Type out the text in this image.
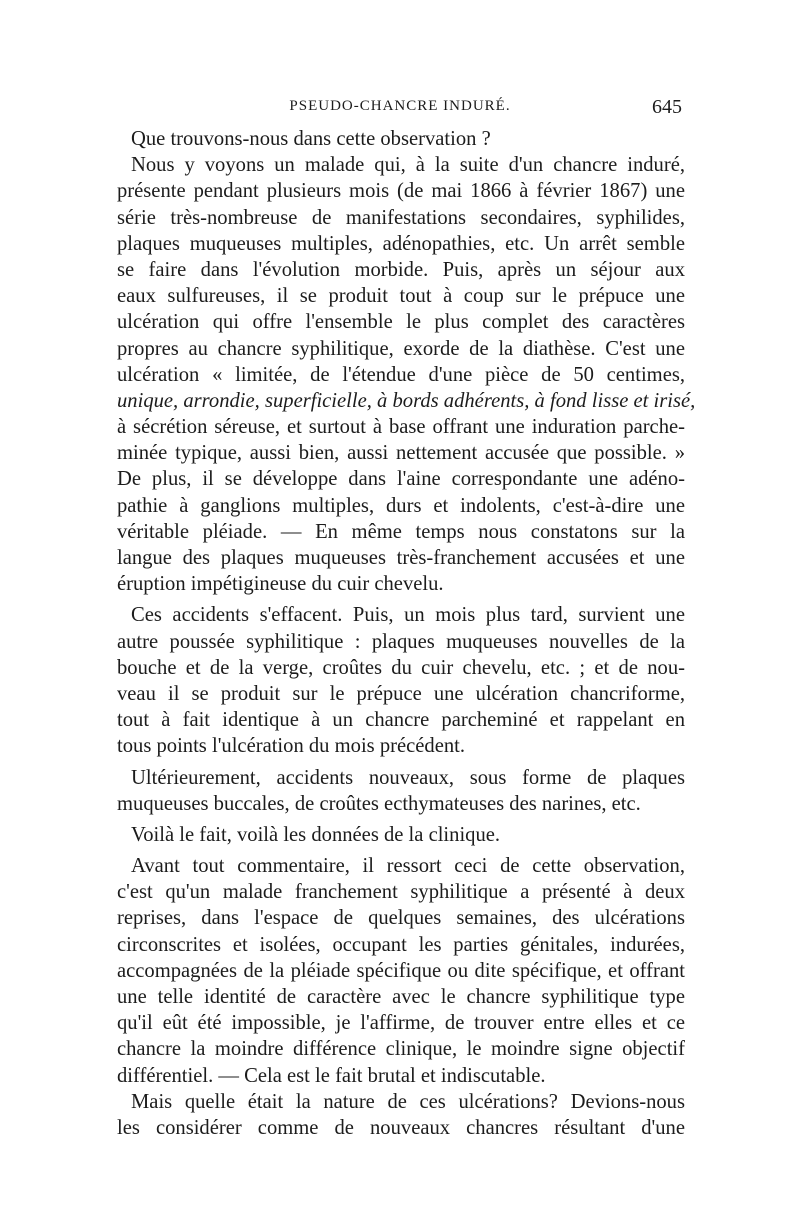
PSEUDO-CHANCRE INDURÉ.	645
Que trouvons-nous dans cette observation ?
Nous y voyons un malade qui, à la suite d'un chancre induré,
présente pendant plusieurs mois (de mai 1866 à février 1867) une
série très-nombreuse de manifestations secondaires, syphilides,
plaques muqueuses multiples, adénopathies, etc. Un arrêt semble
se faire dans l'évolution morbide. Puis, après un séjour aux
eaux sulfureuses, il se produit tout à coup sur le prépuce une
ulcération qui offre l'ensemble le plus complet des caractères
propres au chancre syphilitique, exorde de la diathèse. C'est une
ulcération « limitée, de l'étendue d'une pièce de 50 centimes,
unique, arrondie, superficielle, à bords adhérents, à fond lisse et irisé,
à sécrétion séreuse, et surtout à base offrant une induration parche-
minée typique, aussi bien, aussi nettement accusée que possible. »
De plus, il se développe dans l'aine correspondante une adéno-
pathie à ganglions multiples, durs et indolents, c'est-à-dire une
véritable pléiade. — En même temps nous constatons sur la
langue des plaques muqueuses très-franchement accusées et une
éruption impétigineuse du cuir chevelu.
Ces accidents s'effacent. Puis, un mois plus tard, survient une
autre poussée syphilitique : plaques muqueuses nouvelles de la
bouche et de la verge, croûtes du cuir chevelu, etc. ; et de nou-
veau il se produit sur le prépuce une ulcération chancriforme,
tout à fait identique à un chancre parcheminé et rappelant en
tous points l'ulcération du mois précédent.
Ultérieurement, accidents nouveaux, sous forme de plaques
muqueuses buccales, de croûtes ecthymateuses des narines, etc.
Voilà le fait, voilà les données de la clinique.
Avant tout commentaire, il ressort ceci de cette observation,
c'est qu'un malade franchement syphilitique a présenté à deux
reprises, dans l'espace de quelques semaines, des ulcérations
circonscrites et isolées, occupant les parties génitales, indurées,
accompagnées de la pléiade spécifique ou dite spécifique, et offrant
une telle identité de caractère avec le chancre syphilitique type
qu'il eût été impossible, je l'affirme, de trouver entre elles et ce
chancre la moindre différence clinique, le moindre signe objectif
différentiel. — Cela est le fait brutal et indiscutable.
Mais quelle était la nature de ces ulcérations? Devions-nous
les considérer comme de nouveaux chancres résultant d'une
